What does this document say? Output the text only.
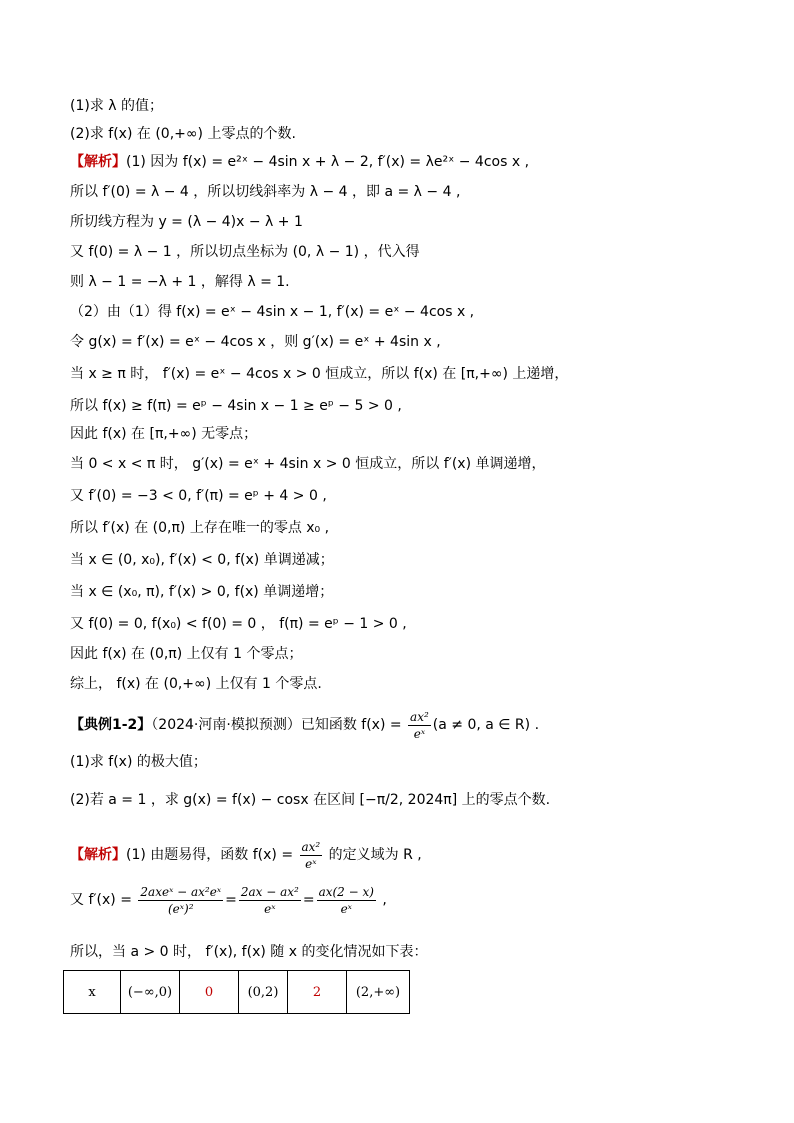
(1)求 λ 的值；
(2)求 f(x) 在 (0,+∞) 上零点的个数.
【解析】(1) 因为 f(x) = e²ˣ − 4sin x + λ − 2, f′(x) = λe²ˣ − 4cos x ,
所以 f′(0) = λ − 4 ，所以切线斜率为 λ − 4 ，即 a = λ − 4 ,
所切线方程为 y = (λ − 4)x − λ + 1
又 f(0) = λ − 1 ，所以切点坐标为 (0, λ − 1) ，代入得
则 λ − 1 = −λ + 1 ，解得 λ = 1.
（2）由（1）得 f(x) = eˣ − 4sin x − 1, f′(x) = eˣ − 4cos x ,
令 g(x) = f′(x) = eˣ − 4cos x ，则 g′(x) = eˣ + 4sin x ,
当 x ≥ π 时， f′(x) = eˣ − 4cos x > 0 恒成立，所以 f(x) 在 [π,+∞) 上递增，
所以 f(x) ≥ f(π) = eᵖ − 4sin x − 1 ≥ eᵖ − 5 > 0 ,
因此 f(x) 在 [π,+∞) 无零点；
当 0 < x < π 时， g′(x) = eˣ + 4sin x > 0 恒成立，所以 f′(x) 单调递增，
又 f′(0) = −3 < 0, f′(π) = eᵖ + 4 > 0 ,
所以 f′(x) 在 (0,π) 上存在唯一的零点 x₀ ,
当 x ∈ (0, x₀), f′(x) < 0, f(x) 单调递减；
当 x ∈ (x₀, π), f′(x) > 0, f(x) 单调递增；
又 f(0) = 0, f(x₀) < f(0) = 0 ， f(π) = eᵖ − 1 > 0 ,
因此 f(x) 在 (0,π) 上仅有 1 个零点；
综上， f(x) 在 (0,+∞) 上仅有 1 个零点.
【典例1-2】（2024·河南·模拟预测）已知函数 $f(x) = \frac{\text{ax²}}{\text{eˣ}} (a \ne 0$, a ∈ R) .
(1)求 f(x) 的极大值；
(2)若 a = 1 ，求 g(x) = f(x) − cosx 在区间 [−π/2, 2024π] 上的零点个数.
【解析】(1) 由题易得，函数 $f(x) = \frac{\text{ax²}}{\text{eˣ}}$ 的定义域为 R ,
又 $f'(x) = \frac{\text{2axeˣ − ax²eˣ}}{\text{(eˣ)²}} = \frac{\text{2ax − ax²}}{\text{eˣ}} = \frac{ax(2 - x)}{\text{eˣ}}$ ,
所以，当 a > 0 时， f′(x), f(x) 随 x 的变化情况如下表：
x	(−∞,0)	0	(0,2)	2	(2,+∞)
